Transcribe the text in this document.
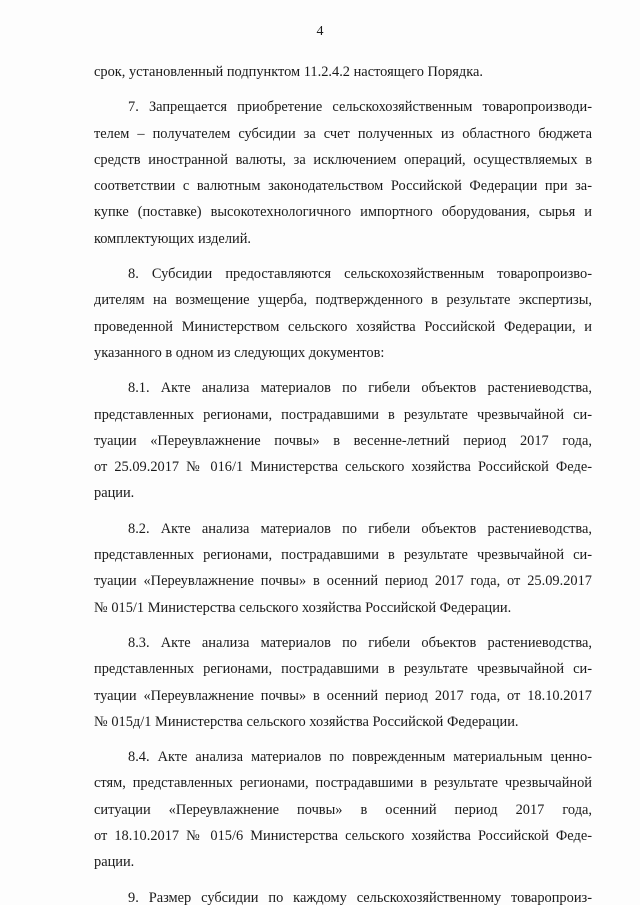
4
срок, установленный подпунктом 11.2.4.2 настоящего Порядка.
7. Запрещается приобретение сельскохозяйственным товаропроизводи-
телем – получателем субсидии за счет полученных из областного бюджета
средств иностранной валюты, за исключением операций, осуществляемых в
соответствии с валютным законодательством Российской Федерации при за-
купке (поставке) высокотехнологичного импортного оборудования, сырья и
комплектующих изделий.
8. Субсидии предоставляются сельскохозяйственным товаропроизво-
дителям на возмещение ущерба, подтвержденного в результате экспертизы,
проведенной Министерством сельского хозяйства Российской Федерации, и
указанного в одном из следующих документов:
8.1. Акте анализа материалов по гибели объектов растениеводства,
представленных регионами, пострадавшими в результате чрезвычайной си-
туации «Переувлажнение почвы» в весенне-летний период 2017 года,
от 25.09.2017 № 016/1 Министерства сельского хозяйства Российской Феде-
рации.
8.2. Акте анализа материалов по гибели объектов растениеводства,
представленных регионами, пострадавшими в результате чрезвычайной си-
туации «Переувлажнение почвы» в осенний период 2017 года, от 25.09.2017
№ 015/1 Министерства сельского хозяйства Российской Федерации.
8.3. Акте анализа материалов по гибели объектов растениеводства,
представленных регионами, пострадавшими в результате чрезвычайной си-
туации «Переувлажнение почвы» в осенний период 2017 года, от 18.10.2017
№ 015д/1 Министерства сельского хозяйства Российской Федерации.
8.4. Акте анализа материалов по поврежденным материальным ценно-
стям, представленных регионами, пострадавшими в результате чрезвычайной
ситуации «Переувлажнение почвы» в осенний период 2017 года,
от 18.10.2017 № 015/6 Министерства сельского хозяйства Российской Феде-
рации.
9. Размер субсидии по каждому сельскохозяйственному товаропроиз-
